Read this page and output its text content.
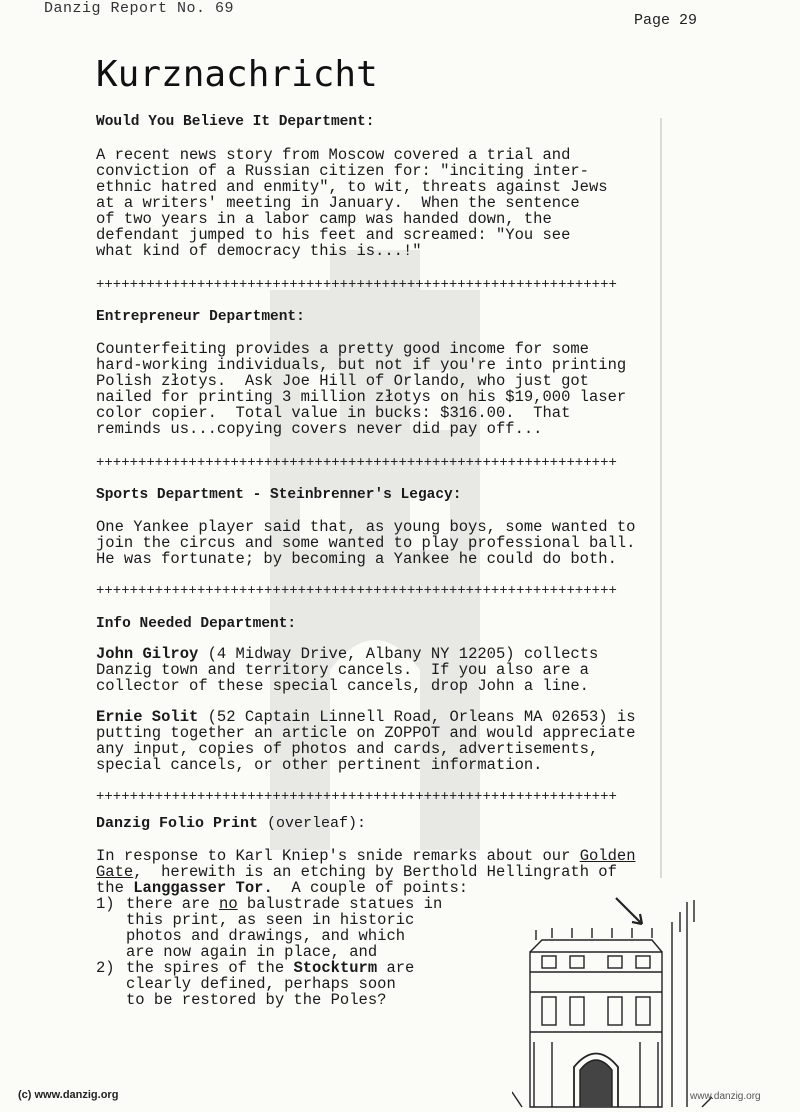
Danzig Report No. 69
Page 29
Kurznachricht

Would You Believe It Department:

A recent news story from Moscow covered a trial and
conviction of a Russian citizen for: "inciting inter-
ethnic hatred and enmity", to wit, threats against Jews
at a writers' meeting in January.  When the sentence
of two years in a labor camp was handed down, the
defendant jumped to his feet and screamed: "You see
what kind of democracy this is...!"

++++++++++++++++++++++++++++++++++++++++++++++++++++++++++++++

Entrepreneur Department:

Counterfeiting provides a pretty good income for some
hard-working individuals, but not if you're into printing
Polish złotys.  Ask Joe Hill of Orlando, who just got
nailed for printing 3 million złotys on his $19,000 laser
color copier.  Total value in bucks: $316.00.  That
reminds us...copying covers never did pay off...

++++++++++++++++++++++++++++++++++++++++++++++++++++++++++++++

Sports Department - Steinbrenner's Legacy:

One Yankee player said that, as young boys, some wanted to
join the circus and some wanted to play professional ball.
He was fortunate; by becoming a Yankee he could do both.

++++++++++++++++++++++++++++++++++++++++++++++++++++++++++++++

Info Needed Department:

John Gilroy (4 Midway Drive, Albany NY 12205) collects
Danzig town and territory cancels.  If you also are a
collector of these special cancels, drop John a line.

Ernie Solit (52 Captain Linnell Road, Orleans MA 02653) is
putting together an article on ZOPPOT and would appreciate
any input, copies of photos and cards, advertisements,
special cancels, or other pertinent information.

++++++++++++++++++++++++++++++++++++++++++++++++++++++++++++++

Danzig Folio Print (overleaf):

In response to Karl Kniep's snide remarks about our Golden
Gate,  herewith is an etching by Berthold Hellingrath of
the Langgasser Tor.  A couple of points:

1) there are no balustrade statues in
this print, as seen in historic
photos and drawings, and which
are now again in place, and
2) the spires of the Stockturm are
clearly defined, perhaps soon
to be restored by the Poles?
(c) www.danzig.org	www.danzig.org
